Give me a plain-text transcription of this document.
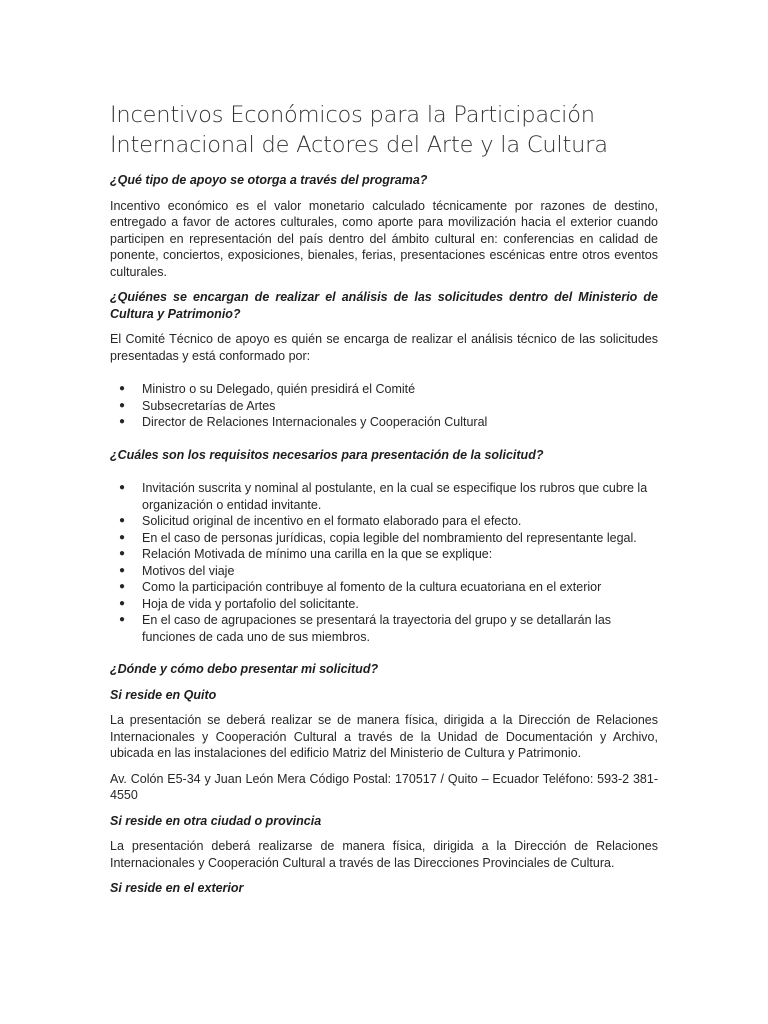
Incentivos Económicos para la Participación
Internacional de Actores del Arte y la Cultura

¿Qué tipo de apoyo se otorga a través del programa?

Incentivo económico es el valor monetario calculado técnicamente por razones de destino, entregado a favor de actores culturales, como aporte para movilización hacia el exterior cuando participen en representación del país dentro del ámbito cultural en: conferencias en calidad de ponente, conciertos, exposiciones, bienales, ferias, presentaciones escénicas entre otros eventos culturales.

¿Quiénes se encargan de realizar el análisis de las solicitudes dentro del Ministerio de Cultura y Patrimonio?

El Comité Técnico de apoyo es quién se encarga de realizar el análisis técnico de las solicitudes presentadas y está conformado por:

● Ministro o su Delegado, quién presidirá el Comité
● Subsecretarías de Artes
● Director de Relaciones Internacionales y Cooperación Cultural

¿Cuáles son los requisitos necesarios para presentación de la solicitud?

● Invitación suscrita y nominal al postulante, en la cual se especifique los rubros que cubre la organización o entidad invitante.
● Solicitud original de incentivo en el formato elaborado para el efecto.
● En el caso de personas jurídicas, copia legible del nombramiento del representante legal.
● Relación Motivada de mínimo una carilla en la que se explique:
● Motivos del viaje
● Como la participación contribuye al fomento de la cultura ecuatoriana en el exterior
● Hoja de vida y portafolio del solicitante.
● En el caso de agrupaciones se presentará la trayectoria del grupo y se detallarán las funciones de cada uno de sus miembros.

¿Dónde y cómo debo presentar mi solicitud?

Si reside en Quito

La presentación se deberá realizar se de manera física, dirigida a la Dirección de Relaciones Internacionales y Cooperación Cultural a través de la Unidad de Documentación y Archivo, ubicada en las instalaciones del edificio Matriz del Ministerio de Cultura y Patrimonio.

Av. Colón E5-34 y Juan León Mera Código Postal: 170517 / Quito – Ecuador Teléfono: 593-2 381-4550

Si reside en otra ciudad o provincia

La presentación deberá realizarse de manera física, dirigida a la Dirección de Relaciones Internacionales y Cooperación Cultural a través de las Direcciones Provinciales de Cultura.

Si reside en el exterior
